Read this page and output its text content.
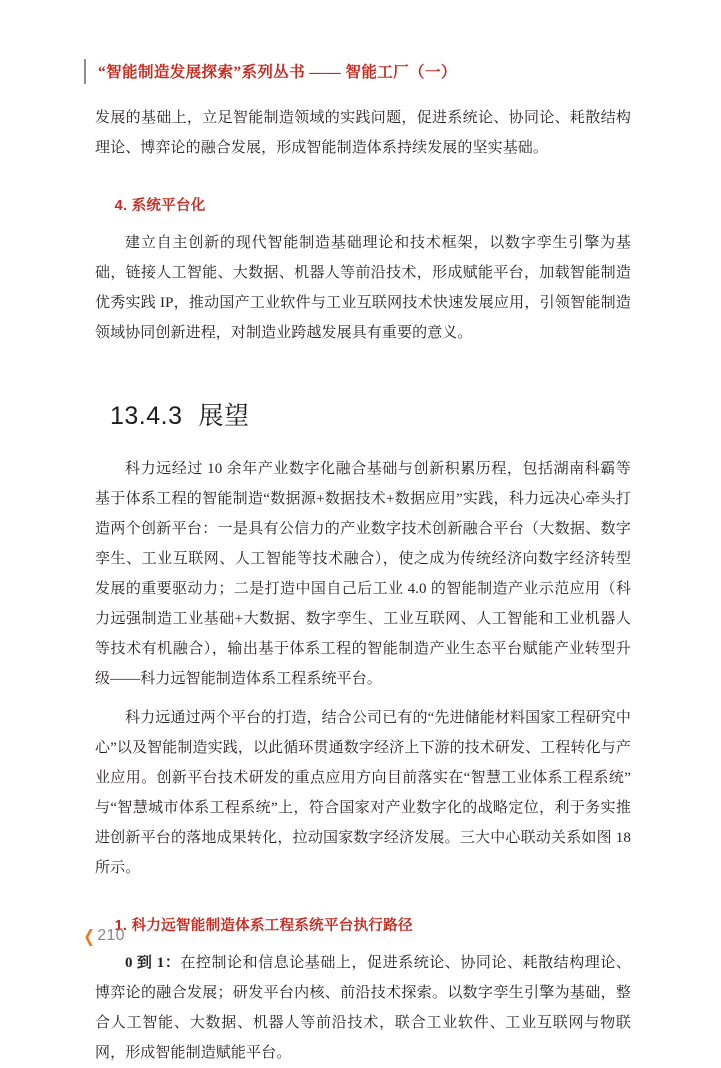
“智能制造发展探索”系列丛书 —— 智能工厂（一）

发展的基础上，立足智能制造领域的实践问题，促进系统论、协同论、耗散结构理论、博弈论的融合发展，形成智能制造体系持续发展的坚实基础。

4. 系统平台化

建立自主创新的现代智能制造基础理论和技术框架，以数字孪生引擎为基础，链接人工智能、大数据、机器人等前沿技术，形成赋能平台，加载智能制造优秀实践 IP，推动国产工业软件与工业互联网技术快速发展应用，引领智能制造领域协同创新进程，对制造业跨越发展具有重要的意义。

13.4.3 展望

科力远经过 10 余年产业数字化融合基础与创新积累历程，包括湖南科霸等基于体系工程的智能制造“数据源+数据技术+数据应用”实践，科力远决心牵头打造两个创新平台：一是具有公信力的产业数字技术创新融合平台（大数据、数字孪生、工业互联网、人工智能等技术融合），使之成为传统经济向数字经济转型发展的重要驱动力；二是打造中国自己后工业 4.0 的智能制造产业示范应用（科力远强制造工业基础+大数据、数字孪生、工业互联网、人工智能和工业机器人等技术有机融合），输出基于体系工程的智能制造产业生态平台赋能产业转型升级——科力远智能制造体系工程系统平台。

科力远通过两个平台的打造，结合公司已有的“先进储能材料国家工程研究中心”以及智能制造实践，以此循环贯通数字经济上下游的技术研发、工程转化与产业应用。创新平台技术研发的重点应用方向目前落实在“智慧工业体系工程系统”与“智慧城市体系工程系统”上，符合国家对产业数字化的战略定位，利于务实推进创新平台的落地成果转化，拉动国家数字经济发展。三大中心联动关系如图 18 所示。

1. 科力远智能制造体系工程系统平台执行路径

0 到 1：在控制论和信息论基础上，促进系统论、协同论、耗散结构理论、博弈论的融合发展；研发平台内核、前沿技术探索。以数字孪生引擎为基础，整合人工智能、大数据、机器人等前沿技术，联合工业软件、工业互联网与物联网，形成智能制造赋能平台。

❮ 210
